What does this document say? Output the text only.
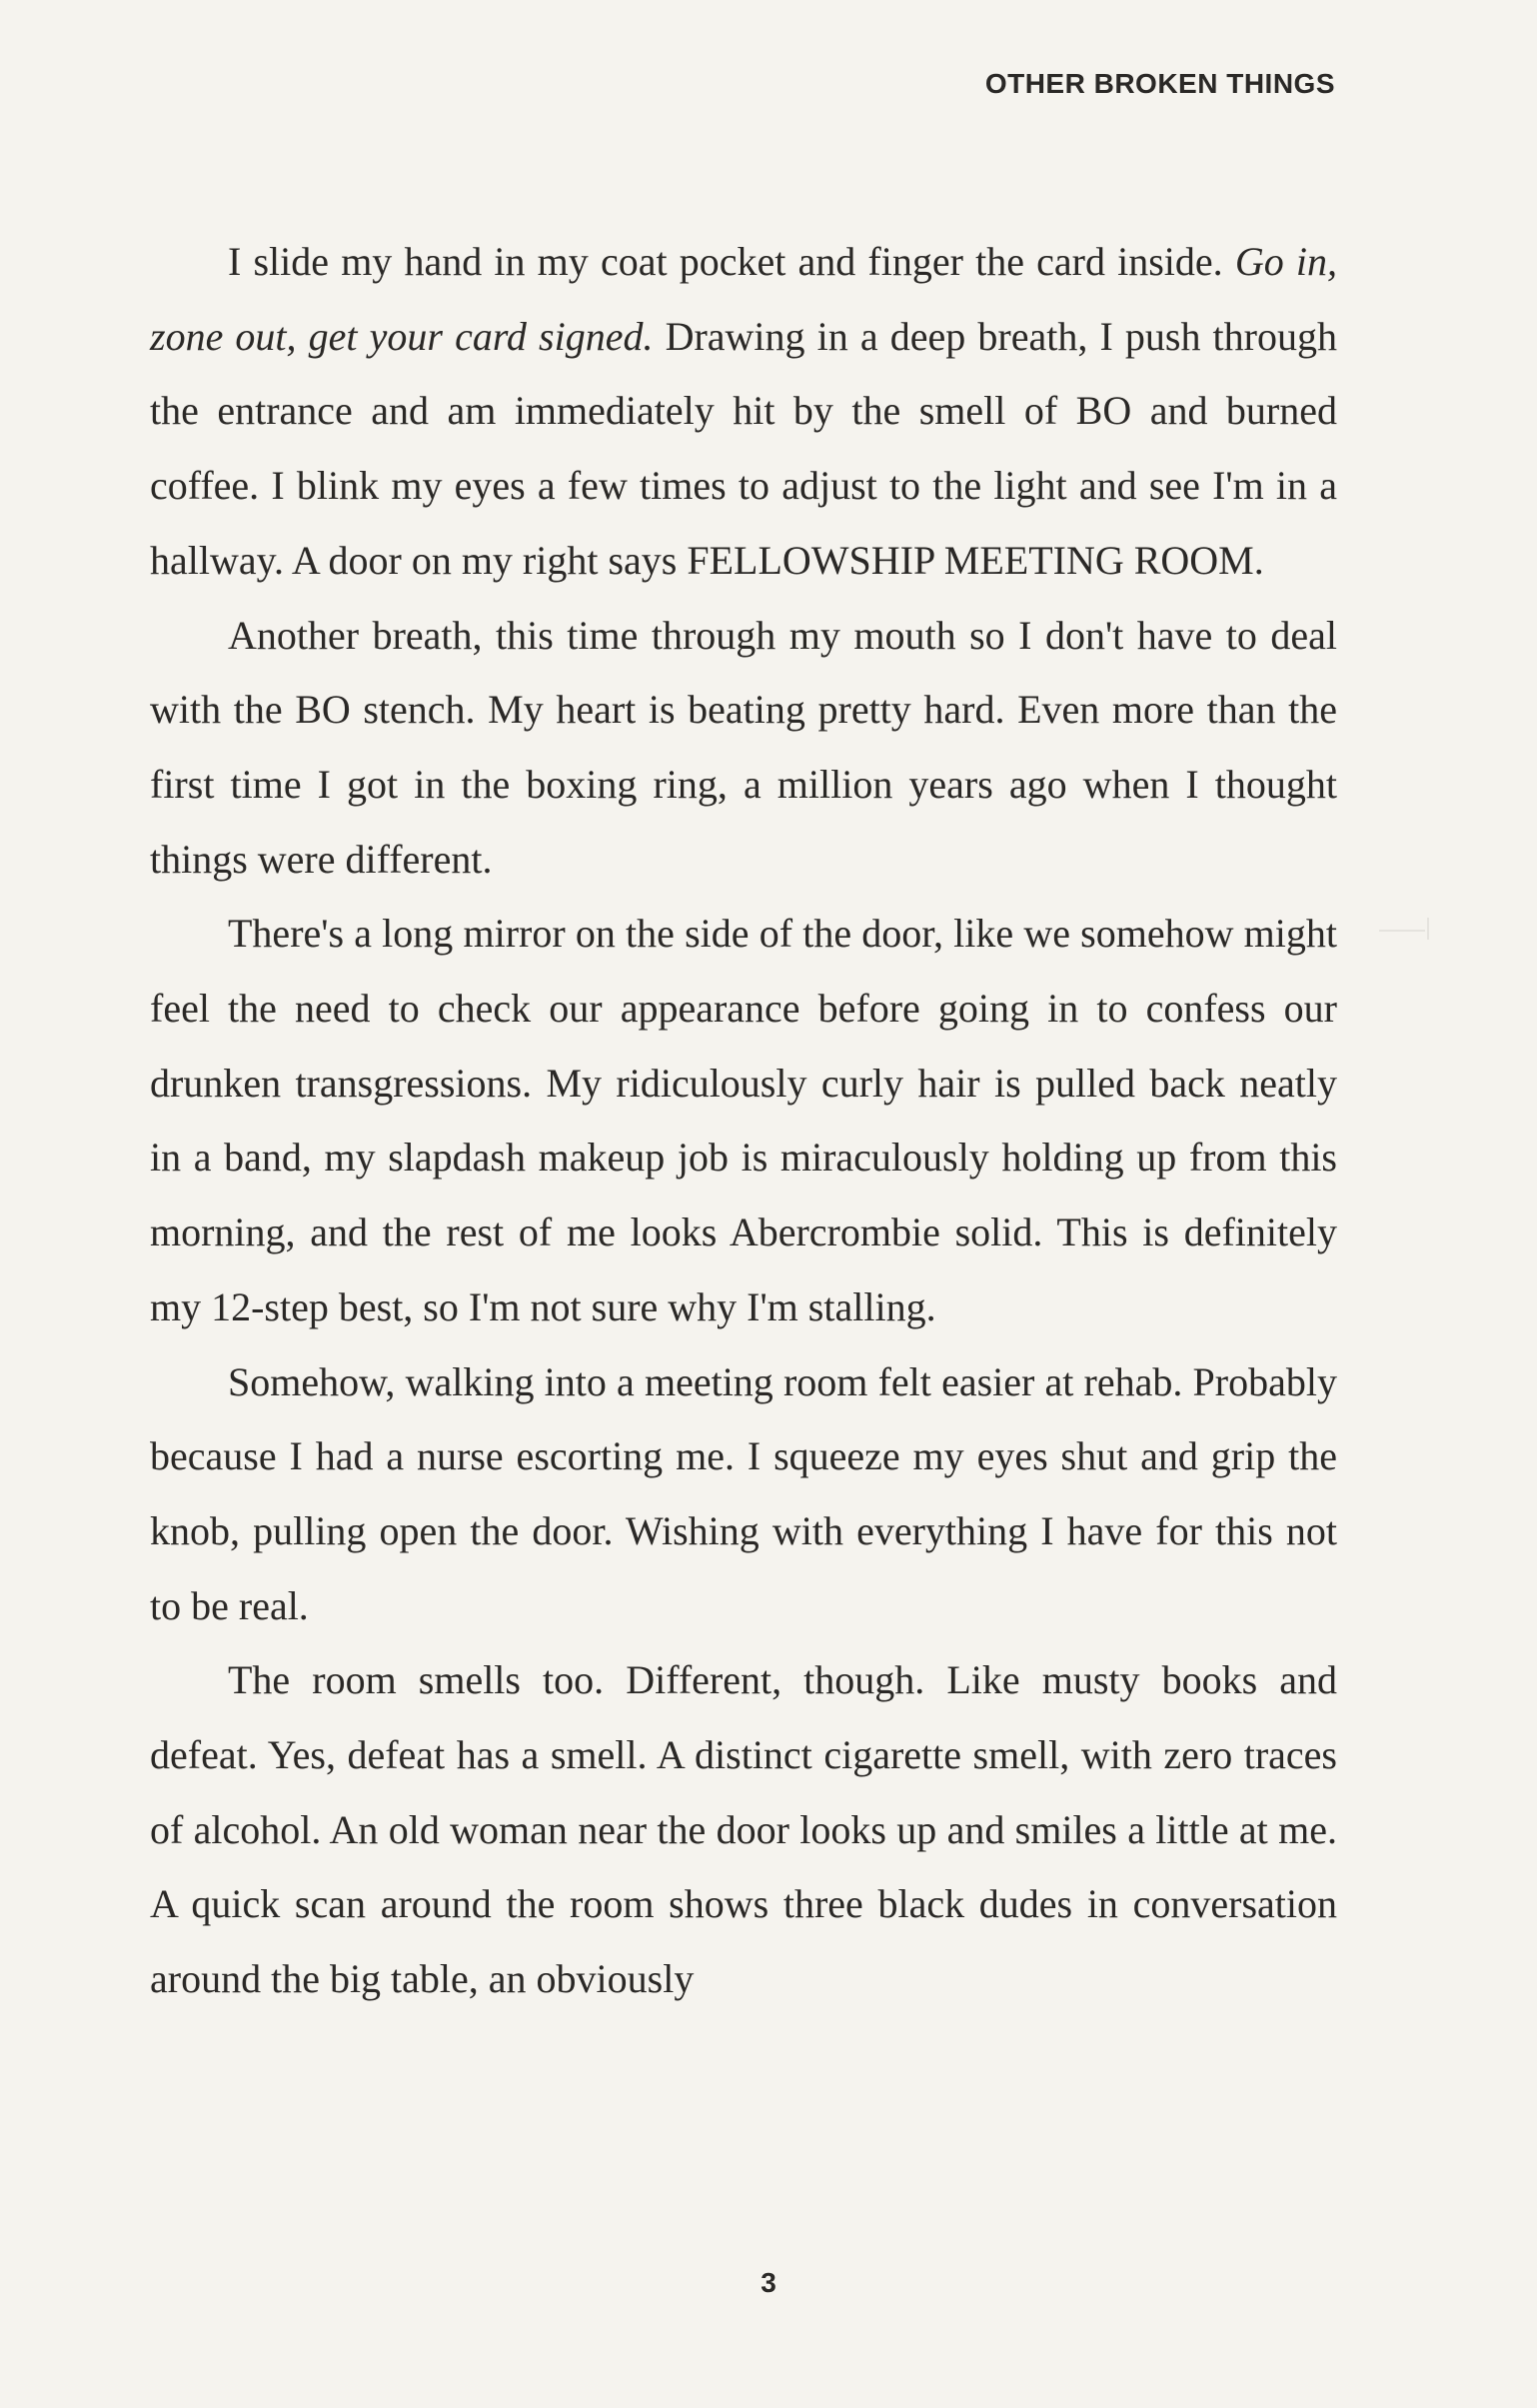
OTHER BROKEN THINGS

I slide my hand in my coat pocket and finger the card inside. Go in, zone out, get your card signed. Drawing in a deep breath, I push through the entrance and am immediately hit by the smell of BO and burned coffee. I blink my eyes a few times to adjust to the light and see I'm in a hallway. A door on my right says FELLOWSHIP MEETING ROOM.

Another breath, this time through my mouth so I don't have to deal with the BO stench. My heart is beating pretty hard. Even more than the first time I got in the boxing ring, a million years ago when I thought things were different.

There's a long mirror on the side of the door, like we somehow might feel the need to check our appearance before going in to confess our drunken transgressions. My ridiculously curly hair is pulled back neatly in a band, my slapdash makeup job is miraculously holding up from this morning, and the rest of me looks Abercrombie solid. This is definitely my 12-step best, so I'm not sure why I'm stalling.

Somehow, walking into a meeting room felt easier at rehab. Probably because I had a nurse escorting me. I squeeze my eyes shut and grip the knob, pulling open the door. Wishing with everything I have for this not to be real.

The room smells too. Different, though. Like musty books and defeat. Yes, defeat has a smell. A distinct cigarette smell, with zero traces of alcohol. An old woman near the door looks up and smiles a little at me. A quick scan around the room shows three black dudes in conversation around the big table, an obviously

3
